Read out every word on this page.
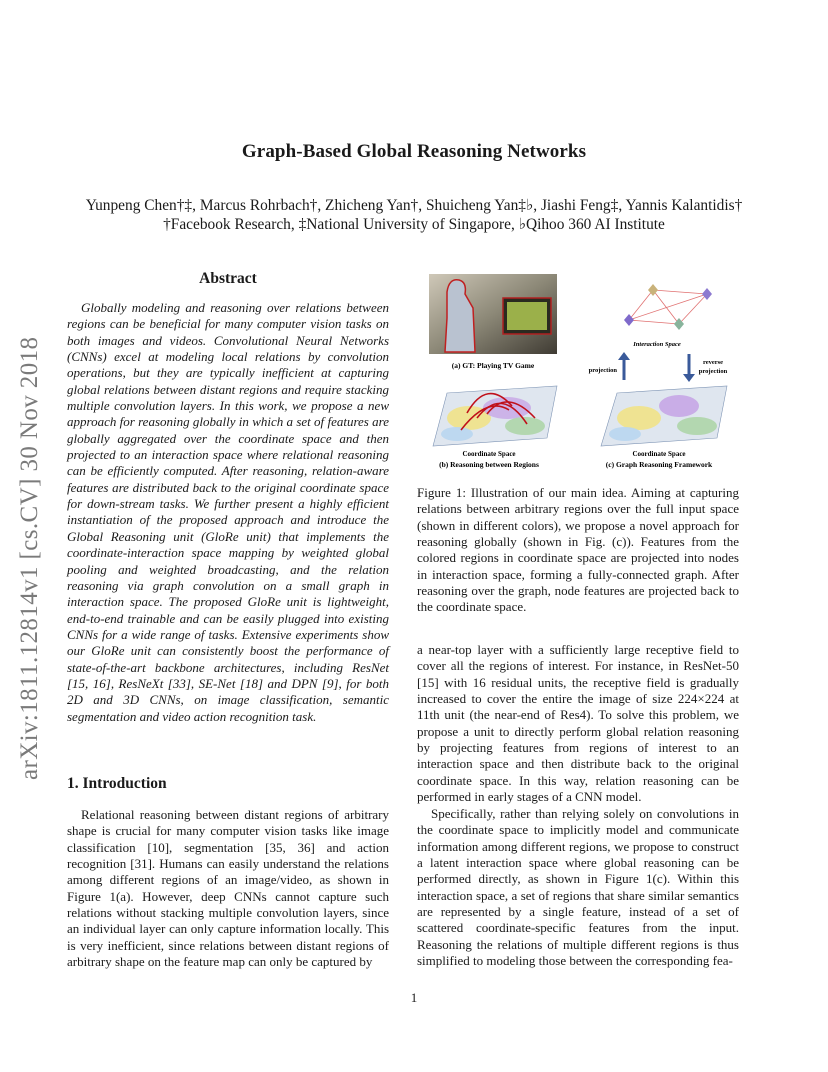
arXiv:1811.12814v1 [cs.CV] 30 Nov 2018
Graph-Based Global Reasoning Networks
Yunpeng Chen†‡, Marcus Rohrbach†, Zhicheng Yan†, Shuicheng Yan‡♭, Jiashi Feng‡, Yannis Kalantidis†
†Facebook Research, ‡National University of Singapore, ♭Qihoo 360 AI Institute
Abstract
Globally modeling and reasoning over relations between regions can be beneficial for many computer vision tasks on both images and videos. Convolutional Neural Networks (CNNs) excel at modeling local relations by convolution operations, but they are typically inefficient at capturing global relations between distant regions and require stacking multiple convolution layers. In this work, we propose a new approach for reasoning globally in which a set of features are globally aggregated over the coordinate space and then projected to an interaction space where relational reasoning can be efficiently computed. After reasoning, relation-aware features are distributed back to the original coordinate space for down-stream tasks. We further present a highly efficient instantiation of the proposed approach and introduce the Global Reasoning unit (GloRe unit) that implements the coordinate-interaction space mapping by weighted global pooling and weighted broadcasting, and the relation reasoning via graph convolution on a small graph in interaction space. The proposed GloRe unit is lightweight, end-to-end trainable and can be easily plugged into existing CNNs for a wide range of tasks. Extensive experiments show our GloRe unit can consistently boost the performance of state-of-the-art backbone architectures, including ResNet [15, 16], ResNeXt [33], SE-Net [18] and DPN [9], for both 2D and 3D CNNs, on image classification, semantic segmentation and video action recognition task.
1. Introduction
Relational reasoning between distant regions of arbitrary shape is crucial for many computer vision tasks like image classification [10], segmentation [35, 36] and action recognition [31]. Humans can easily understand the relations among different regions of an image/video, as shown in Figure 1(a). However, deep CNNs cannot capture such relations without stacking multiple convolution layers, since an individual layer can only capture information locally. This is very inefficient, since relations between distant regions of arbitrary shape on the feature map can only be captured by
(a) GT: Playing TV Game
Coordinate Space
(b) Reasoning between Regions
Interaction Space
projection
reverse
projection
Coordinate Space
(c) Graph Reasoning Framework
Figure 1: Illustration of our main idea. Aiming at capturing relations between arbitrary regions over the full input space (shown in different colors), we propose a novel approach for reasoning globally (shown in Fig. (c)). Features from the colored regions in coordinate space are projected into nodes in interaction space, forming a fully-connected graph. After reasoning over the graph, node features are projected back to the coordinate space.
a near-top layer with a sufficiently large receptive field to cover all the regions of interest. For instance, in ResNet-50 [15] with 16 residual units, the receptive field is gradually increased to cover the entire the image of size 224×224 at 11th unit (the near-end of Res4). To solve this problem, we propose a unit to directly perform global relation reasoning by projecting features from regions of interest to an interaction space and then distribute back to the original coordinate space. In this way, relation reasoning can be performed in early stages of a CNN model.
Specifically, rather than relying solely on convolutions in the coordinate space to implicitly model and communicate information among different regions, we propose to construct a latent interaction space where global reasoning can be performed directly, as shown in Figure 1(c). Within this interaction space, a set of regions that share similar semantics are represented by a single feature, instead of a set of scattered coordinate-specific features from the input. Reasoning the relations of multiple different regions is thus simplified to modeling those between the corresponding fea-
1
